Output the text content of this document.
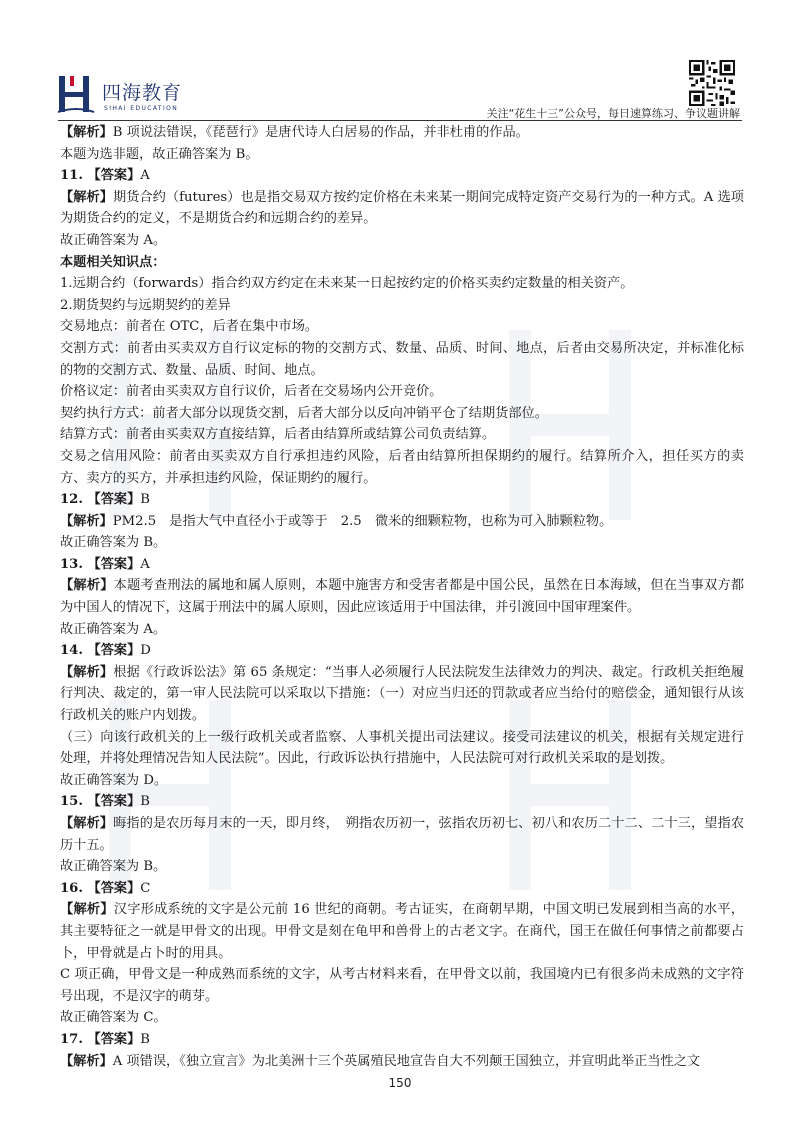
四海教育
SIHAI EDUCATION	关注“花生十三”公众号，每日速算练习、争议题讲解

【解析】B 项说法错误，《琵琶行》是唐代诗人白居易的作品，并非杜甫的作品。

本题为选非题，故正确答案为 B。

11. 【答案】A

【解析】期货合约（futures）也是指交易双方按约定价格在未来某一期间完成特定资产交易行为的一种方式。A 选项为期货合约的定义，不是期货合约和远期合约的差异。

故正确答案为 A。

本题相关知识点：

1.远期合约（forwards）指合约双方约定在未来某一日起按约定的价格买卖约定数量的相关资产。

2.期货契约与远期契约的差异

交易地点：前者在 OTC，后者在集中市场。

交割方式：前者由买卖双方自行议定标的物的交割方式、数量、品质、时间、地点，后者由交易所决定，并标准化标的物的交割方式、数量、品质、时间、地点。

价格议定：前者由买卖双方自行议价，后者在交易场内公开竞价。

契约执行方式：前者大部分以现货交割，后者大部分以反向冲销平仓了结期货部位。

结算方式：前者由买卖双方直接结算，后者由结算所或结算公司负责结算。

交易之信用风险：前者由买卖双方自行承担违约风险，后者由结算所担保期约的履行。结算所介入，担任买方的卖方、卖方的买方，并承担违约风险，保证期约的履行。

12. 【答案】B

【解析】PM2.5　是指大气中直径小于或等于　2.5　微米的细颗粒物，也称为可入肺颗粒物。

故正确答案为 B。

13. 【答案】A

【解析】本题考查刑法的属地和属人原则，本题中施害方和受害者都是中国公民，虽然在日本海域，但在当事双方都为中国人的情况下，这属于刑法中的属人原则，因此应该适用于中国法律，并引渡回中国审理案件。

故正确答案为 A。

14. 【答案】D

【解析】根据《行政诉讼法》第 65 条规定：“当事人必须履行人民法院发生法律效力的判决、裁定。行政机关拒绝履行判决、裁定的，第一审人民法院可以采取以下措施：（一）对应当归还的罚款或者应当给付的赔偿金，通知银行从该行政机关的账户内划拨。

（三）向该行政机关的上一级行政机关或者监察、人事机关提出司法建议。接受司法建议的机关，根据有关规定进行处理，并将处理情况告知人民法院”。因此，行政诉讼执行措施中，人民法院可对行政机关采取的是划拨。

故正确答案为 D。

15. 【答案】B

【解析】晦指的是农历每月末的一天，即月终，　朔指农历初一，弦指农历初七、初八和农历二十二、二十三，望指农历十五。

故正确答案为 B。

16. 【答案】C

【解析】汉字形成系统的文字是公元前 16 世纪的商朝。考古证实，在商朝早期，中国文明已发展到相当高的水平，其主要特征之一就是甲骨文的出现。甲骨文是刻在龟甲和兽骨上的古老文字。在商代，国王在做任何事情之前都要占卜，甲骨就是占卜时的用具。

C 项正确，甲骨文是一种成熟而系统的文字，从考古材料来看，在甲骨文以前，我国境内已有很多尚未成熟的文字符号出现，不是汉字的萌芽。

故正确答案为 C。

17. 【答案】B

【解析】A 项错误，《独立宣言》为北美洲十三个英属殖民地宣告自大不列颠王国独立，并宣明此举正当性之文

150
